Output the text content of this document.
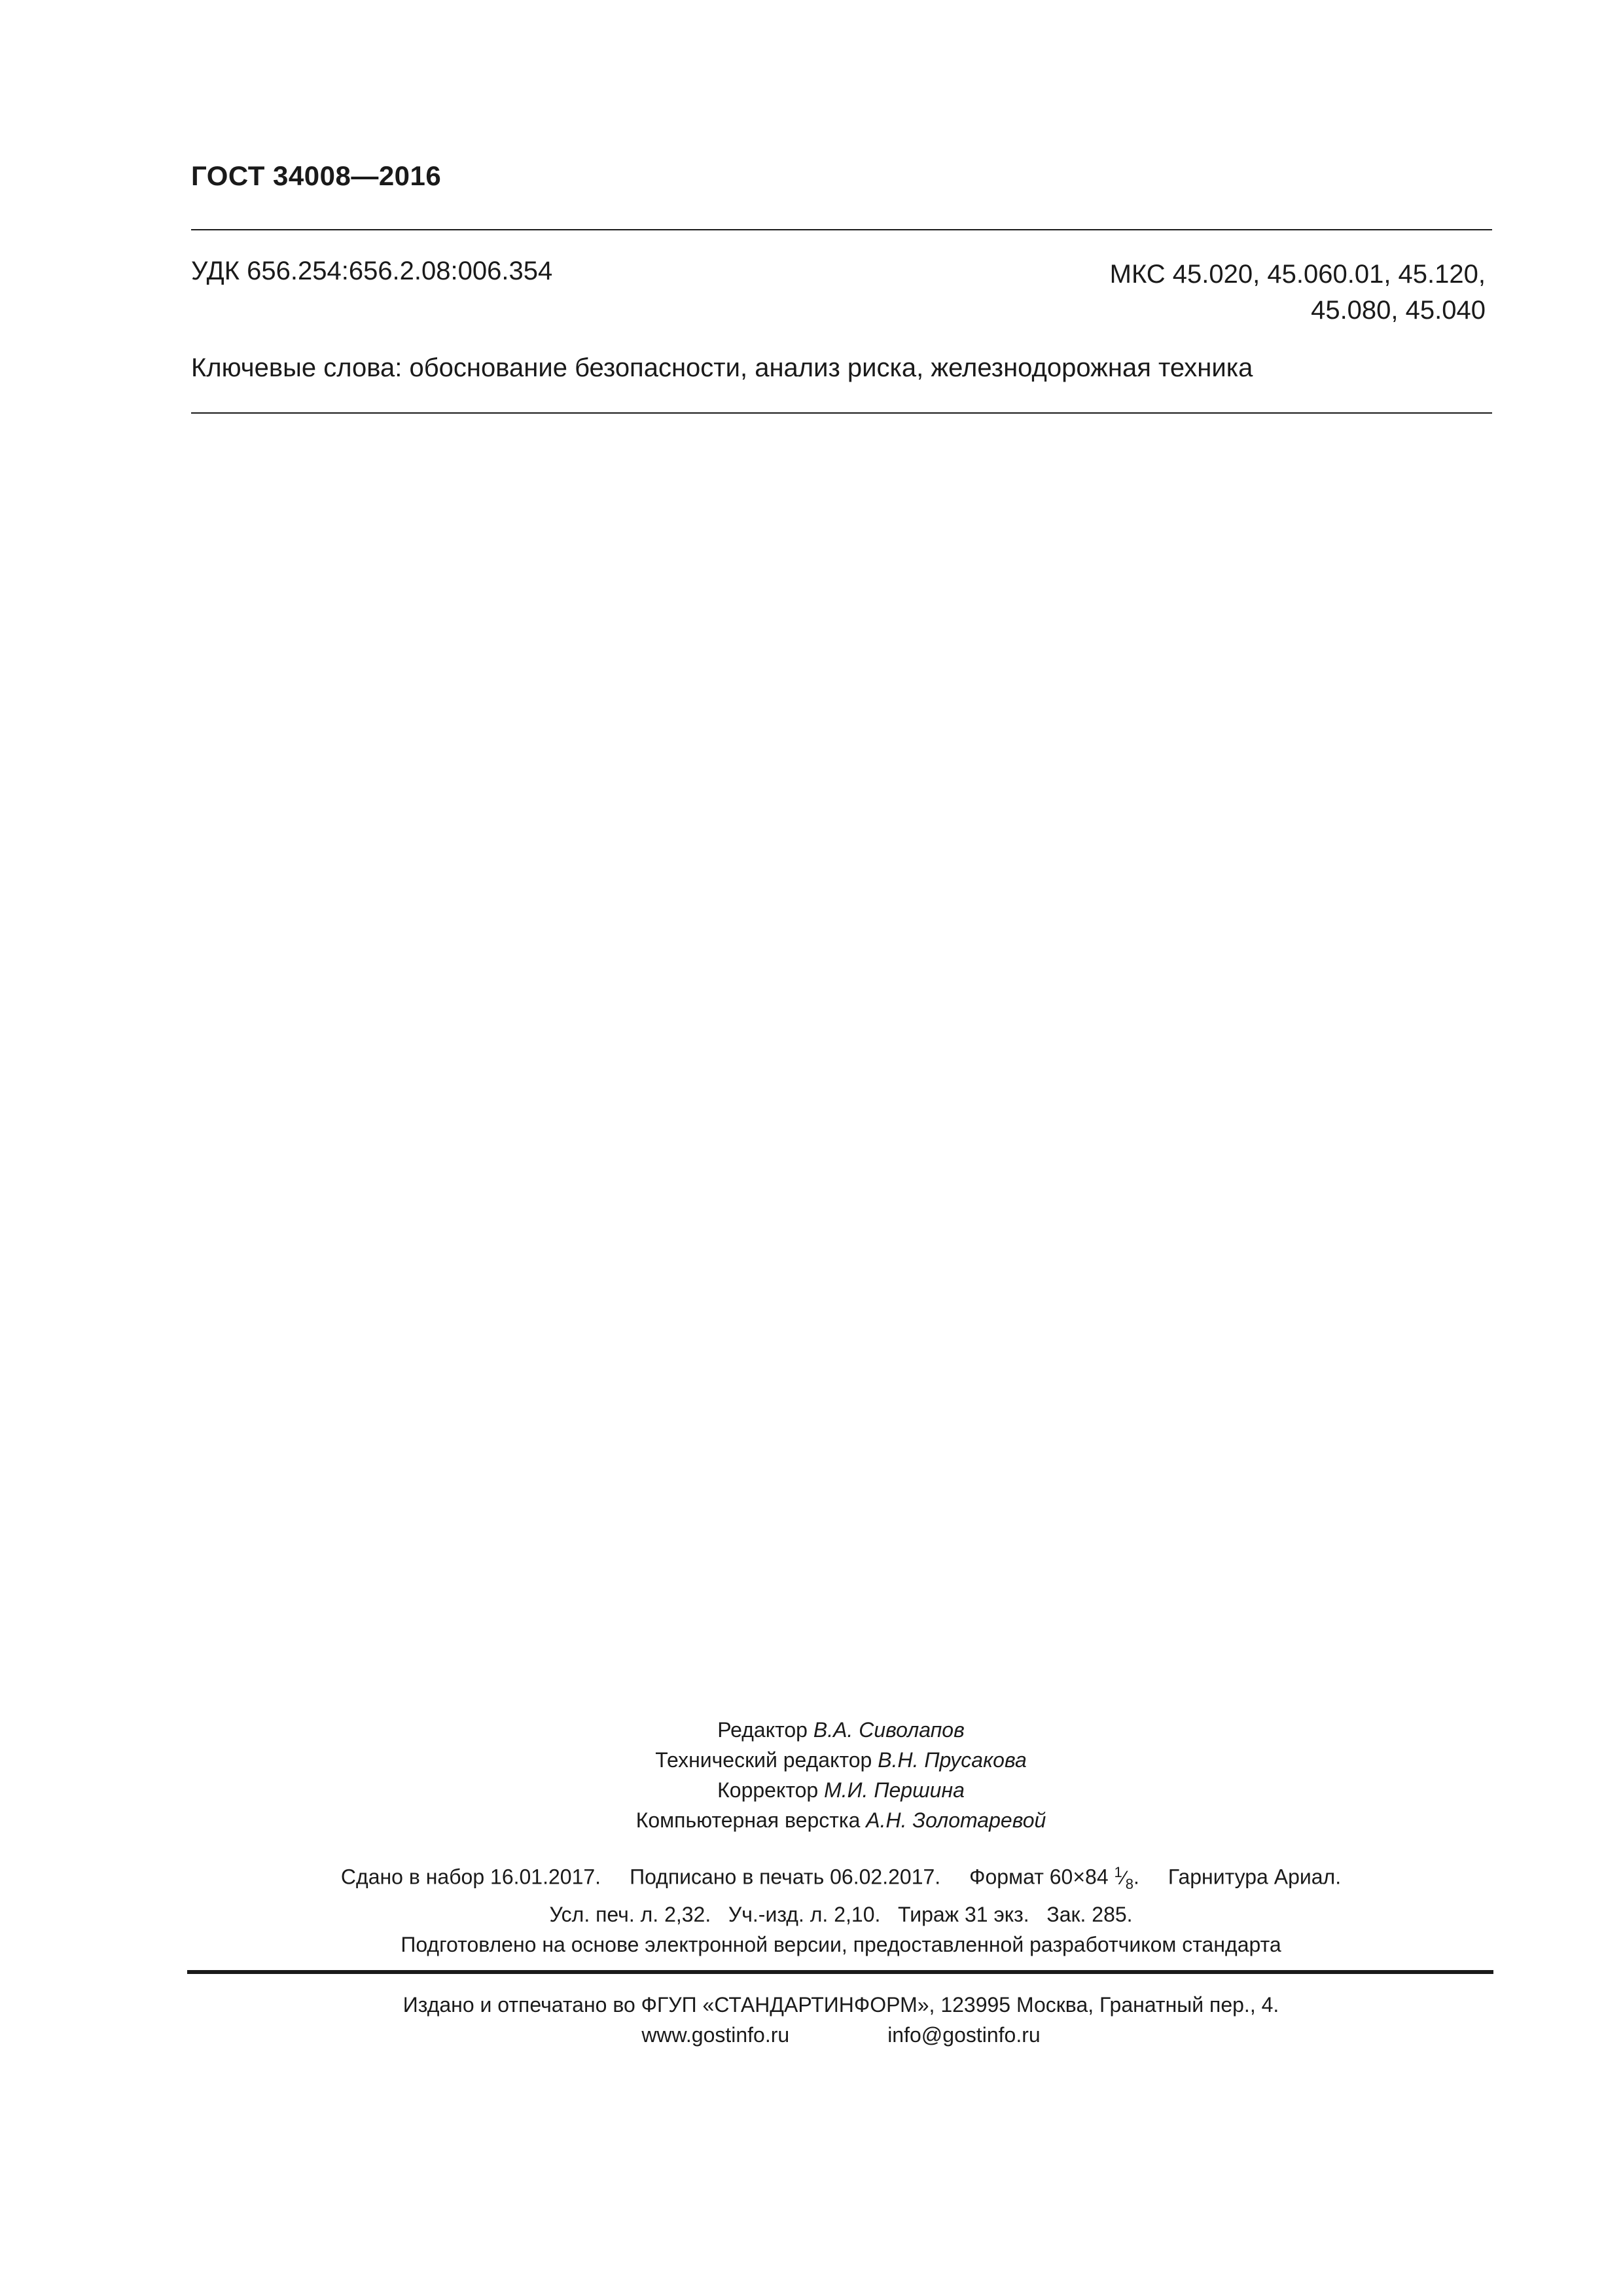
ГОСТ 34008—2016
УДК 656.254:656.2.08:006.354	МКС 45.020, 45.060.01, 45.120,
45.080, 45.040
Ключевые слова: обоснование безопасности, анализ риска, железнодорожная техника
Редактор В.А. Сиволапов
Технический редактор В.Н. Прусакова
Корректор М.И. Першина
Компьютерная верстка А.Н. Золотаревой
Сдано в набор 16.01.2017. Подписано в печать 06.02.2017. Формат 60×84 $^1⁄_8$. Гарнитура Ариал.
Усл. печ. л. 2,32. Уч.-изд. л. 2,10. Тираж 31 экз. Зак. 285.
Подготовлено на основе электронной версии, предоставленной разработчиком стандарта
Издано и отпечатано во ФГУП «СТАНДАРТИНФОРМ», 123995 Москва, Гранатный пер., 4.
www.gostinfo.ru	info@gostinfo.ru
